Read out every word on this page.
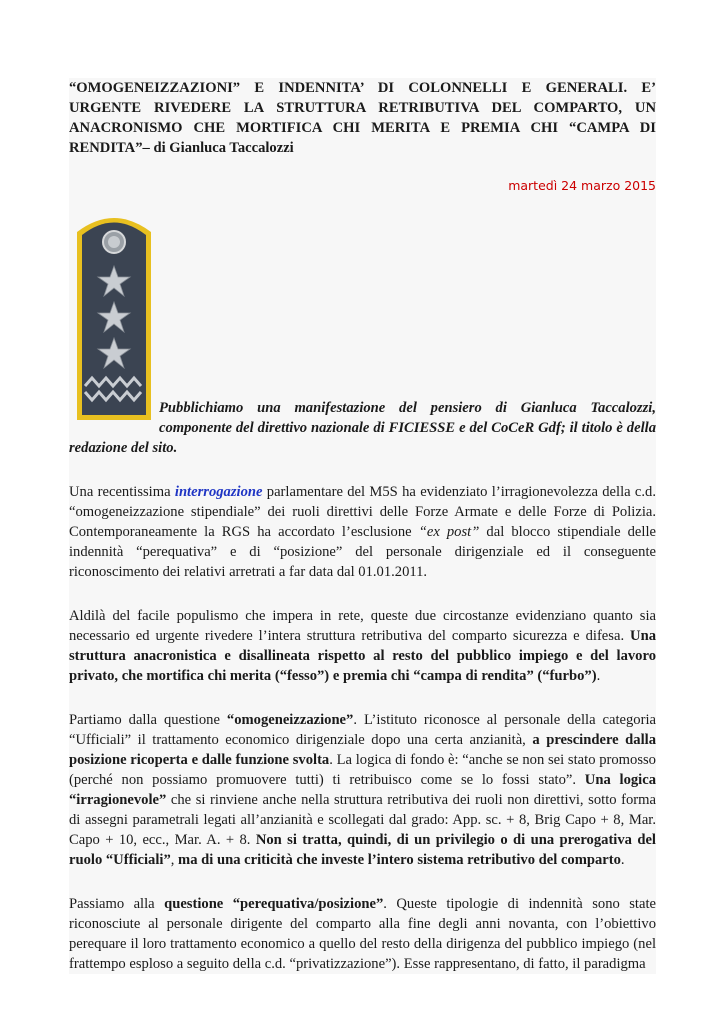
“OMOGENEIZZAZIONI” E INDENNITA’ DI COLONNELLI E GENERALI. E’ URGENTE RIVEDERE LA STRUTTURA RETRIBUTIVA DEL COMPARTO, UN ANACRONISMO CHE MORTIFICA CHI MERITA E PREMIA CHI “CAMPA DI RENDITA”– di Gianluca Taccalozzi
martedì 24 marzo 2015

Pubblichiamo una manifestazione del pensiero di Gianluca Taccalozzi, componente del direttivo nazionale di FICIESSE e del CoCeR Gdf; il titolo è della redazione del sito.

Una recentissima interrogazione parlamentare del M5S ha evidenziato l’irragionevolezza della c.d. “omogeneizzazione stipendiale” dei ruoli direttivi delle Forze Armate e delle Forze di Polizia. Contemporaneamente la RGS ha accordato l’esclusione “ex post” dal blocco stipendiale delle indennità “perequativa” e di “posizione” del personale dirigenziale ed il conseguente riconoscimento dei relativi arretrati a far data dal 01.01.2011.

Aldilà del facile populismo che impera in rete, queste due circostanze evidenziano quanto sia necessario ed urgente rivedere l’intera struttura retributiva del comparto sicurezza e difesa. Una struttura anacronistica e disallineata rispetto al resto del pubblico impiego e del lavoro privato, che mortifica chi merita (“fesso”) e premia chi “campa di rendita” (“furbo”).

Partiamo dalla questione “omogeneizzazione”. L’istituto riconosce al personale della categoria “Ufficiali” il trattamento economico dirigenziale dopo una certa anzianità, a prescindere dalla posizione ricoperta e dalle funzione svolta. La logica di fondo è: “anche se non sei stato promosso (perché non possiamo promuovere tutti) ti retribuisco come se lo fossi stato”. Una logica “irragionevole” che si rinviene anche nella struttura retributiva dei ruoli non direttivi, sotto forma di assegni parametrali legati all’anzianità e scollegati dal grado: App. sc. + 8, Brig Capo + 8, Mar. Capo + 10, ecc., Mar. A. + 8. Non si tratta, quindi, di un privilegio o di una prerogativa del ruolo “Ufficiali”, ma di una criticità che investe l’intero sistema retributivo del comparto.

Passiamo alla questione “perequativa/posizione”. Queste tipologie di indennità sono state riconosciute al personale dirigente del comparto alla fine degli anni novanta, con l’obiettivo perequare il loro trattamento economico a quello del resto della dirigenza del pubblico impiego (nel frattempo esploso a seguito della c.d. “privatizzazione”). Esse rappresentano, di fatto, il paradigma
